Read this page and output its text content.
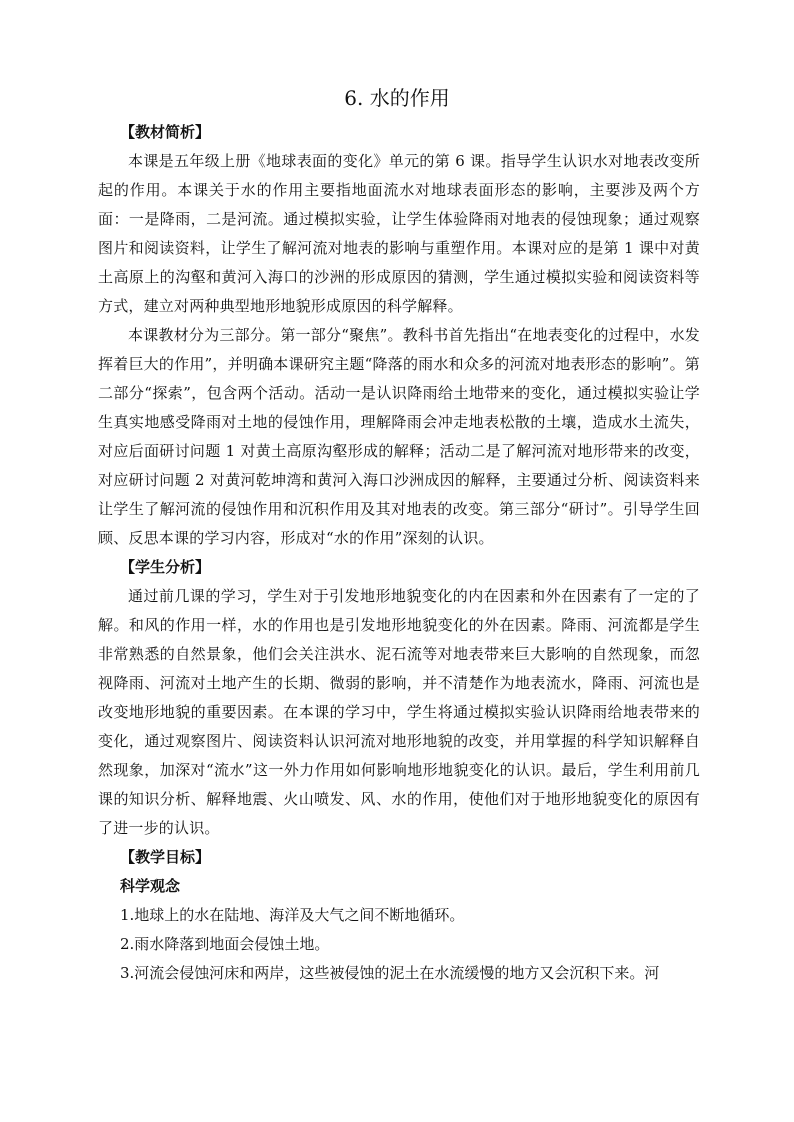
6. 水的作用

【教材简析】

本课是五年级上册《地球表面的变化》单元的第 6 课。指导学生认识水对地表改变所起的作用。本课关于水的作用主要指地面流水对地球表面形态的影响，主要涉及两个方面：一是降雨，二是河流。通过模拟实验，让学生体验降雨对地表的侵蚀现象；通过观察图片和阅读资料，让学生了解河流对地表的影响与重塑作用。本课对应的是第 1 课中对黄土高原上的沟壑和黄河入海口的沙洲的形成原因的猜测，学生通过模拟实验和阅读资料等方式，建立对两种典型地形地貌形成原因的科学解释。

本课教材分为三部分。第一部分“聚焦”。教科书首先指出“在地表变化的过程中，水发挥着巨大的作用”，并明确本课研究主题“降落的雨水和众多的河流对地表形态的影响”。第二部分“探索”，包含两个活动。活动一是认识降雨给土地带来的变化，通过模拟实验让学生真实地感受降雨对土地的侵蚀作用，理解降雨会冲走地表松散的土壤，造成水土流失，对应后面研讨问题 1 对黄土高原沟壑形成的解释；活动二是了解河流对地形带来的改变，对应研讨问题 2 对黄河乾坤湾和黄河入海口沙洲成因的解释，主要通过分析、阅读资料来让学生了解河流的侵蚀作用和沉积作用及其对地表的改变。第三部分“研讨”。引导学生回顾、反思本课的学习内容，形成对“水的作用”深刻的认识。

【学生分析】

通过前几课的学习，学生对于引发地形地貌变化的内在因素和外在因素有了一定的了解。和风的作用一样，水的作用也是引发地形地貌变化的外在因素。降雨、河流都是学生非常熟悉的自然景象，他们会关注洪水、泥石流等对地表带来巨大影响的自然现象，而忽视降雨、河流对土地产生的长期、微弱的影响，并不清楚作为地表流水，降雨、河流也是改变地形地貌的重要因素。在本课的学习中，学生将通过模拟实验认识降雨给地表带来的变化，通过观察图片、阅读资料认识河流对地形地貌的改变，并用掌握的科学知识解释自然现象，加深对“流水”这一外力作用如何影响地形地貌变化的认识。最后，学生利用前几课的知识分析、解释地震、火山喷发、风、水的作用，使他们对于地形地貌变化的原因有了进一步的认识。

【教学目标】

科学观念

1.地球上的水在陆地、海洋及大气之间不断地循环。

2.雨水降落到地面会侵蚀土地。

3.河流会侵蚀河床和两岸，这些被侵蚀的泥土在水流缓慢的地方又会沉积下来。河
